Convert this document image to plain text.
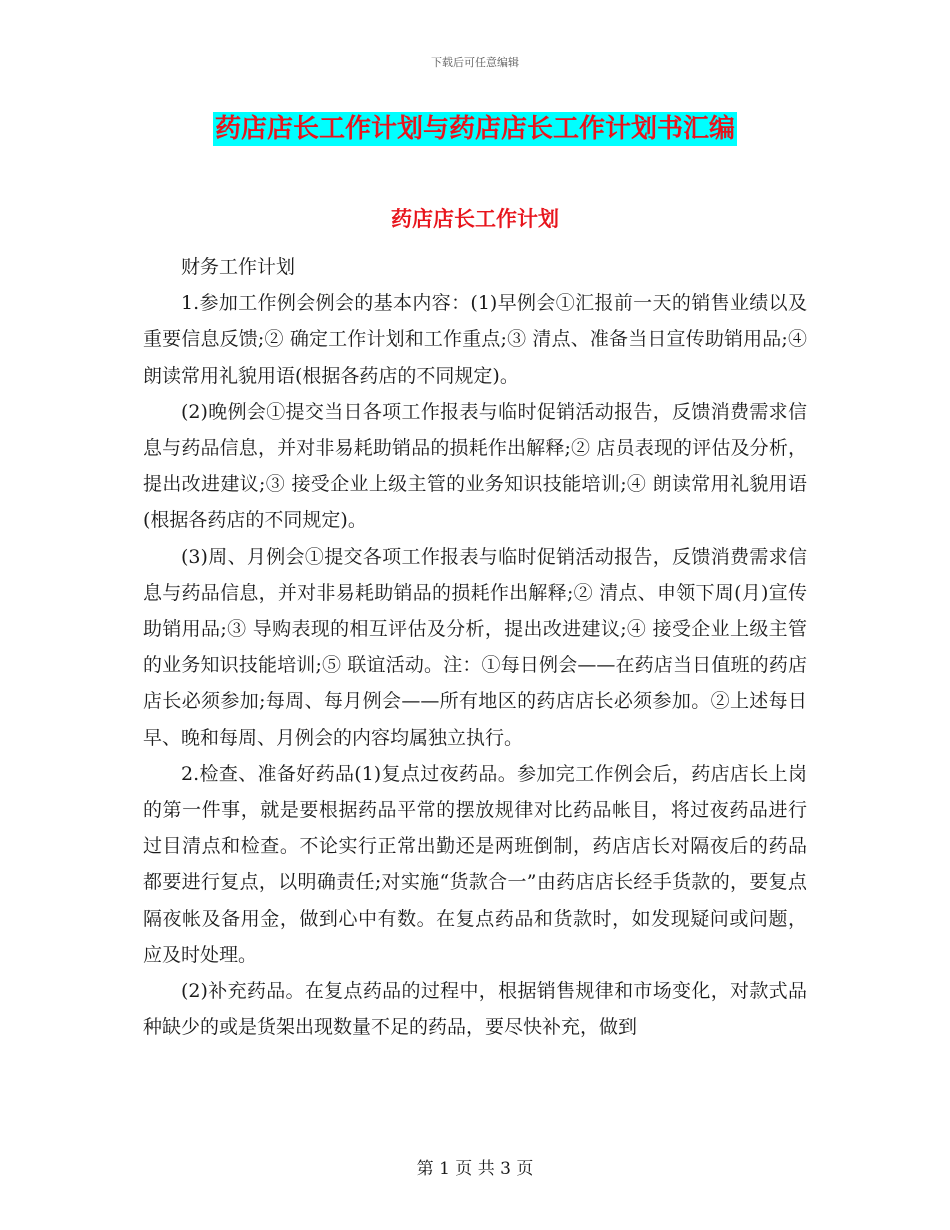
下载后可任意编辑
药店店长工作计划与药店店长工作计划书汇编
药店店长工作计划

财务工作计划

1.参加工作例会例会的基本内容：(1)早例会①汇报前一天的销售业绩以及重要信息反馈;② 确定工作计划和工作重点;③ 清点、准备当日宣传助销用品;④ 朗读常用礼貌用语(根据各药店的不同规定)。

(2)晚例会①提交当日各项工作报表与临时促销活动报告，反馈消费需求信息与药品信息，并对非易耗助销品的损耗作出解释;② 店员表现的评估及分析，提出改进建议;③ 接受企业上级主管的业务知识技能培训;④ 朗读常用礼貌用语(根据各药店的不同规定)。

(3)周、月例会①提交各项工作报表与临时促销活动报告，反馈消费需求信息与药品信息，并对非易耗助销品的损耗作出解释;② 清点、申领下周(月)宣传助销用品;③ 导购表现的相互评估及分析，提出改进建议;④ 接受企业上级主管的业务知识技能培训;⑤ 联谊活动。注：①每日例会——在药店当日值班的药店店长必须参加;每周、每月例会——所有地区的药店店长必须参加。②上述每日早、晚和每周、月例会的内容均属独立执行。

2.检查、准备好药品(1)复点过夜药品。参加完工作例会后，药店店长上岗的第一件事，就是要根据药品平常的摆放规律对比药品帐目，将过夜药品进行过目清点和检查。不论实行正常出勤还是两班倒制，药店店长对隔夜后的药品都要进行复点，以明确责任;对实施“货款合一”由药店店长经手货款的，要复点隔夜帐及备用金，做到心中有数。在复点药品和货款时，如发现疑问或问题，应及时处理。

(2)补充药品。在复点药品的过程中，根据销售规律和市场变化，对款式品种缺少的或是货架出现数量不足的药品，要尽快补充，做到

第 1 页 共 3 页
